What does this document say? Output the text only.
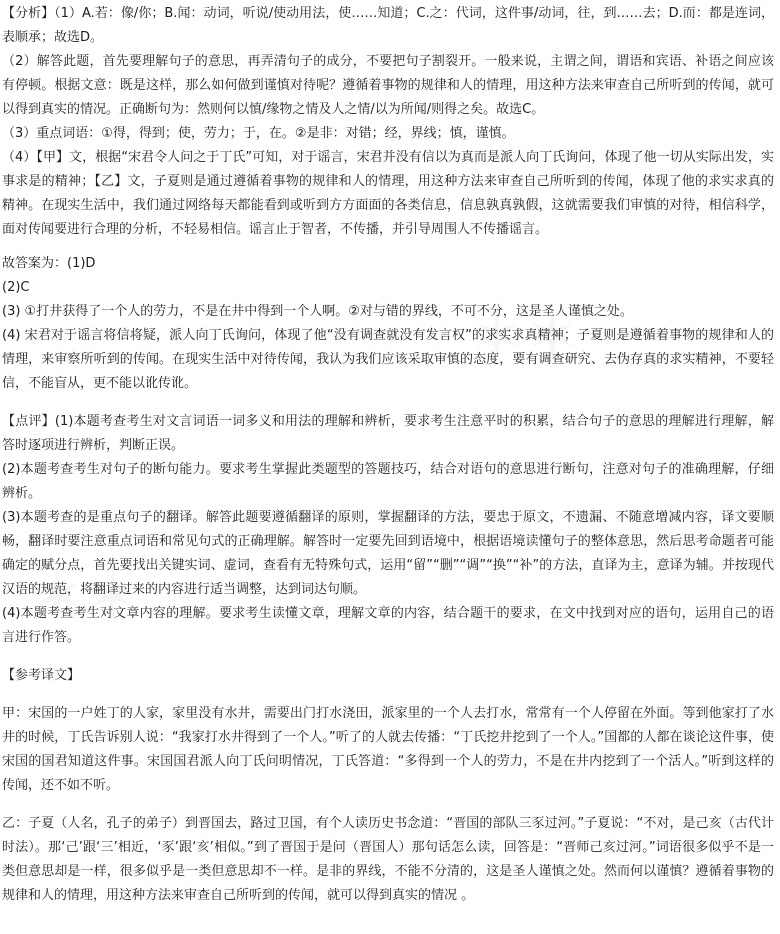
【分析】（1）A.若：像/你；B.闻：动词，听说/使动用法，使……知道；C.之：代词，这件事/动词，往，到……去；D.而：都是连词，表顺承；故选D。

（2）解答此题，首先要理解句子的意思，再弄清句子的成分，不要把句子割裂开。一般来说，主谓之间，谓语和宾语、补语之间应该有停顿。根据文意：既是这样，那么如何做到谨慎对待呢？遵循着事物的规律和人的情理，用这种方法来审查自己所听到的传闻，就可以得到真实的情况。正确断句为：然则何以慎/缘物之情及人之情/以为所闻/则得之矣。故选C。

（3）重点词语：①得，得到；使，劳力；于，在。②是非：对错；经，界线；慎，谨慎。

（4）【甲】文，根据“宋君令人问之于丁氏”可知，对于谣言，宋君并没有信以为真而是派人向丁氏询问，体现了他一切从实际出发，实事求是的精神；【乙】文，子夏则是通过遵循着事物的规律和人的情理，用这种方法来审查自己所听到的传闻，体现了他的求实求真的精神。在现实生活中，我们通过网络每天都能看到或听到方方面面的各类信息，信息孰真孰假，这就需要我们审慎的对待，相信科学，面对传闻要进行合理的分析，不轻易相信。谣言止于智者，不传播，并引导周围人不传播谣言。

故答案为：(1)D

(2)C

(3) ①打井获得了一个人的劳力，不是在井中得到一个人啊。②对与错的界线，不可不分，这是圣人谨慎之处。

(4) 宋君对于谣言将信将疑，派人向丁氏询问，体现了他“没有调查就没有发言权”的求实求真精神；子夏则是遵循着事物的规律和人的情理，来审察所听到的传闻。在现实生活中对待传闻，我认为我们应该采取审慎的态度，要有调查研究、去伪存真的求实精神，不要轻信，不能盲从，更不能以讹传讹。

【点评】(1)本题考查考生对文言词语一词多义和用法的理解和辨析，要求考生注意平时的积累，结合句子的意思的理解进行理解，解答时逐项进行辨析，判断正误。

(2)本题考查考生对句子的断句能力。要求考生掌握此类题型的答题技巧，结合对语句的意思进行断句，注意对句子的准确理解，仔细辨析。

(3)本题考查的是重点句子的翻译。解答此题要遵循翻译的原则，掌握翻译的方法，要忠于原文，不遗漏、不随意增减内容，译文要顺畅，翻译时要注意重点词语和常见句式的正确理解。解答时一定要先回到语境中，根据语境读懂句子的整体意思，然后思考命题者可能确定的赋分点，首先要找出关键实词、虚词，查看有无特殊句式，运用“留”“删”“调”“换”“补”的方法，直译为主，意译为辅。并按现代汉语的规范，将翻译过来的内容进行适当调整，达到词达句顺。

(4)本题考查考生对文章内容的理解。要求考生读懂文章，理解文章的内容，结合题干的要求，在文中找到对应的语句，运用自己的语言进行作答。

【参考译文】

甲：宋国的一户姓丁的人家，家里没有水井，需要出门打水浇田，派家里的一个人去打水，常常有一个人停留在外面。等到他家打了水井的时候，丁氏告诉别人说：“我家打水井得到了一个人。”听了的人就去传播：“丁氏挖井挖到了一个人。”国都的人都在谈论这件事，使宋国的国君知道这件事。宋国国君派人向丁氏问明情况，丁氏答道：“多得到一个人的劳力，不是在井内挖到了一个活人。”听到这样的传闻，还不如不听。

乙：子夏（人名，孔子的弟子）到晋国去，路过卫国，有个人读历史书念道：“晋国的部队三豕过河。”子夏说：“不对，是己亥（古代计时法）。那‘己’跟‘三’相近，‘豕’跟‘亥’相似。”到了晋国于是问（晋国人）那句话怎么读，回答是：“晋师己亥过河。”词语很多似乎不是一类但意思却是一样，很多似乎是一类但意思却不一样。是非的界线，不能不分清的，这是圣人谨慎之处。然而何以谨慎？遵循着事物的规律和人的情理，用这种方法来审查自己所听到的传闻，就可以得到真实的情况 。
